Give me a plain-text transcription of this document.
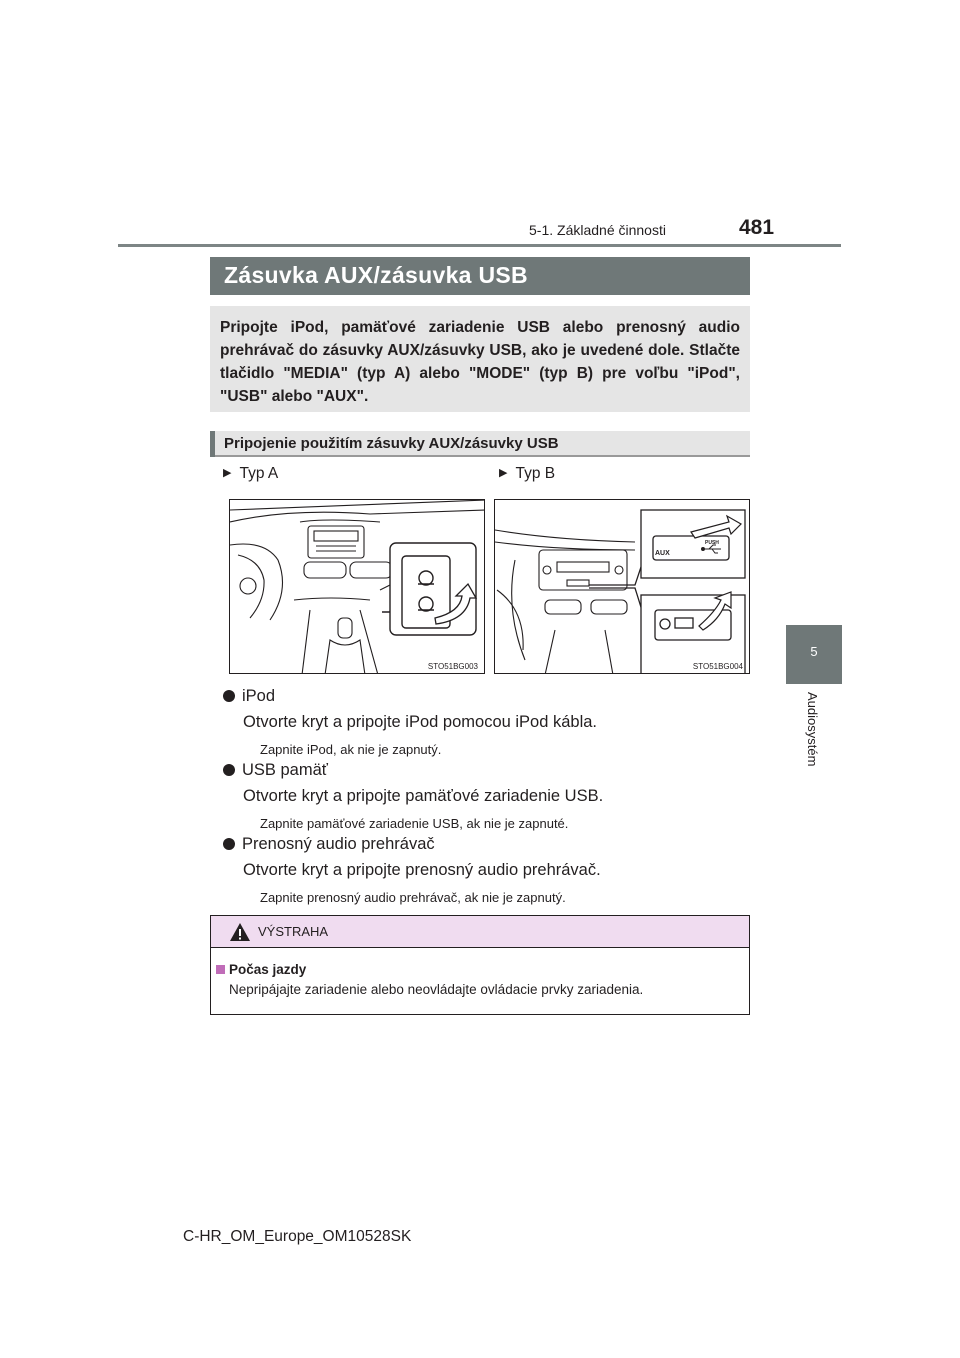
5-1. Základné činnosti	481
5
Audiosystém
Zásuvka AUX/zásuvka USB
Pripojte iPod, pamäťové zariadenie USB alebo prenosný audio prehrávač do zásuvky AUX/zásuvky USB, ako je uvedené dole. Stlačte tlačidlo "MEDIA" (typ A) alebo "MODE" (typ B) pre voľbu "iPod", "USB" alebo "AUX".
Pripojenie použitím zásuvky AUX/zásuvky USB
▶ Typ A	▶ Typ B
STO51BG003
AUX
PUSH
STO51BG004
iPod
Otvorte kryt a pripojte iPod pomocou iPod kábla.
Zapnite iPod, ak nie je zapnutý.
USB pamäť
Otvorte kryt a pripojte pamäťové zariadenie USB.
Zapnite pamäťové zariadenie USB, ak nie je zapnuté.
Prenosný audio prehrávač
Otvorte kryt a pripojte prenosný audio prehrávač.
Zapnite prenosný audio prehrávač, ak nie je zapnutý.
VÝSTRAHA
Počas jazdy
Nepripájajte zariadenie alebo neovládajte ovládacie prvky zariadenia.
C-HR_OM_Europe_OM10528SK
